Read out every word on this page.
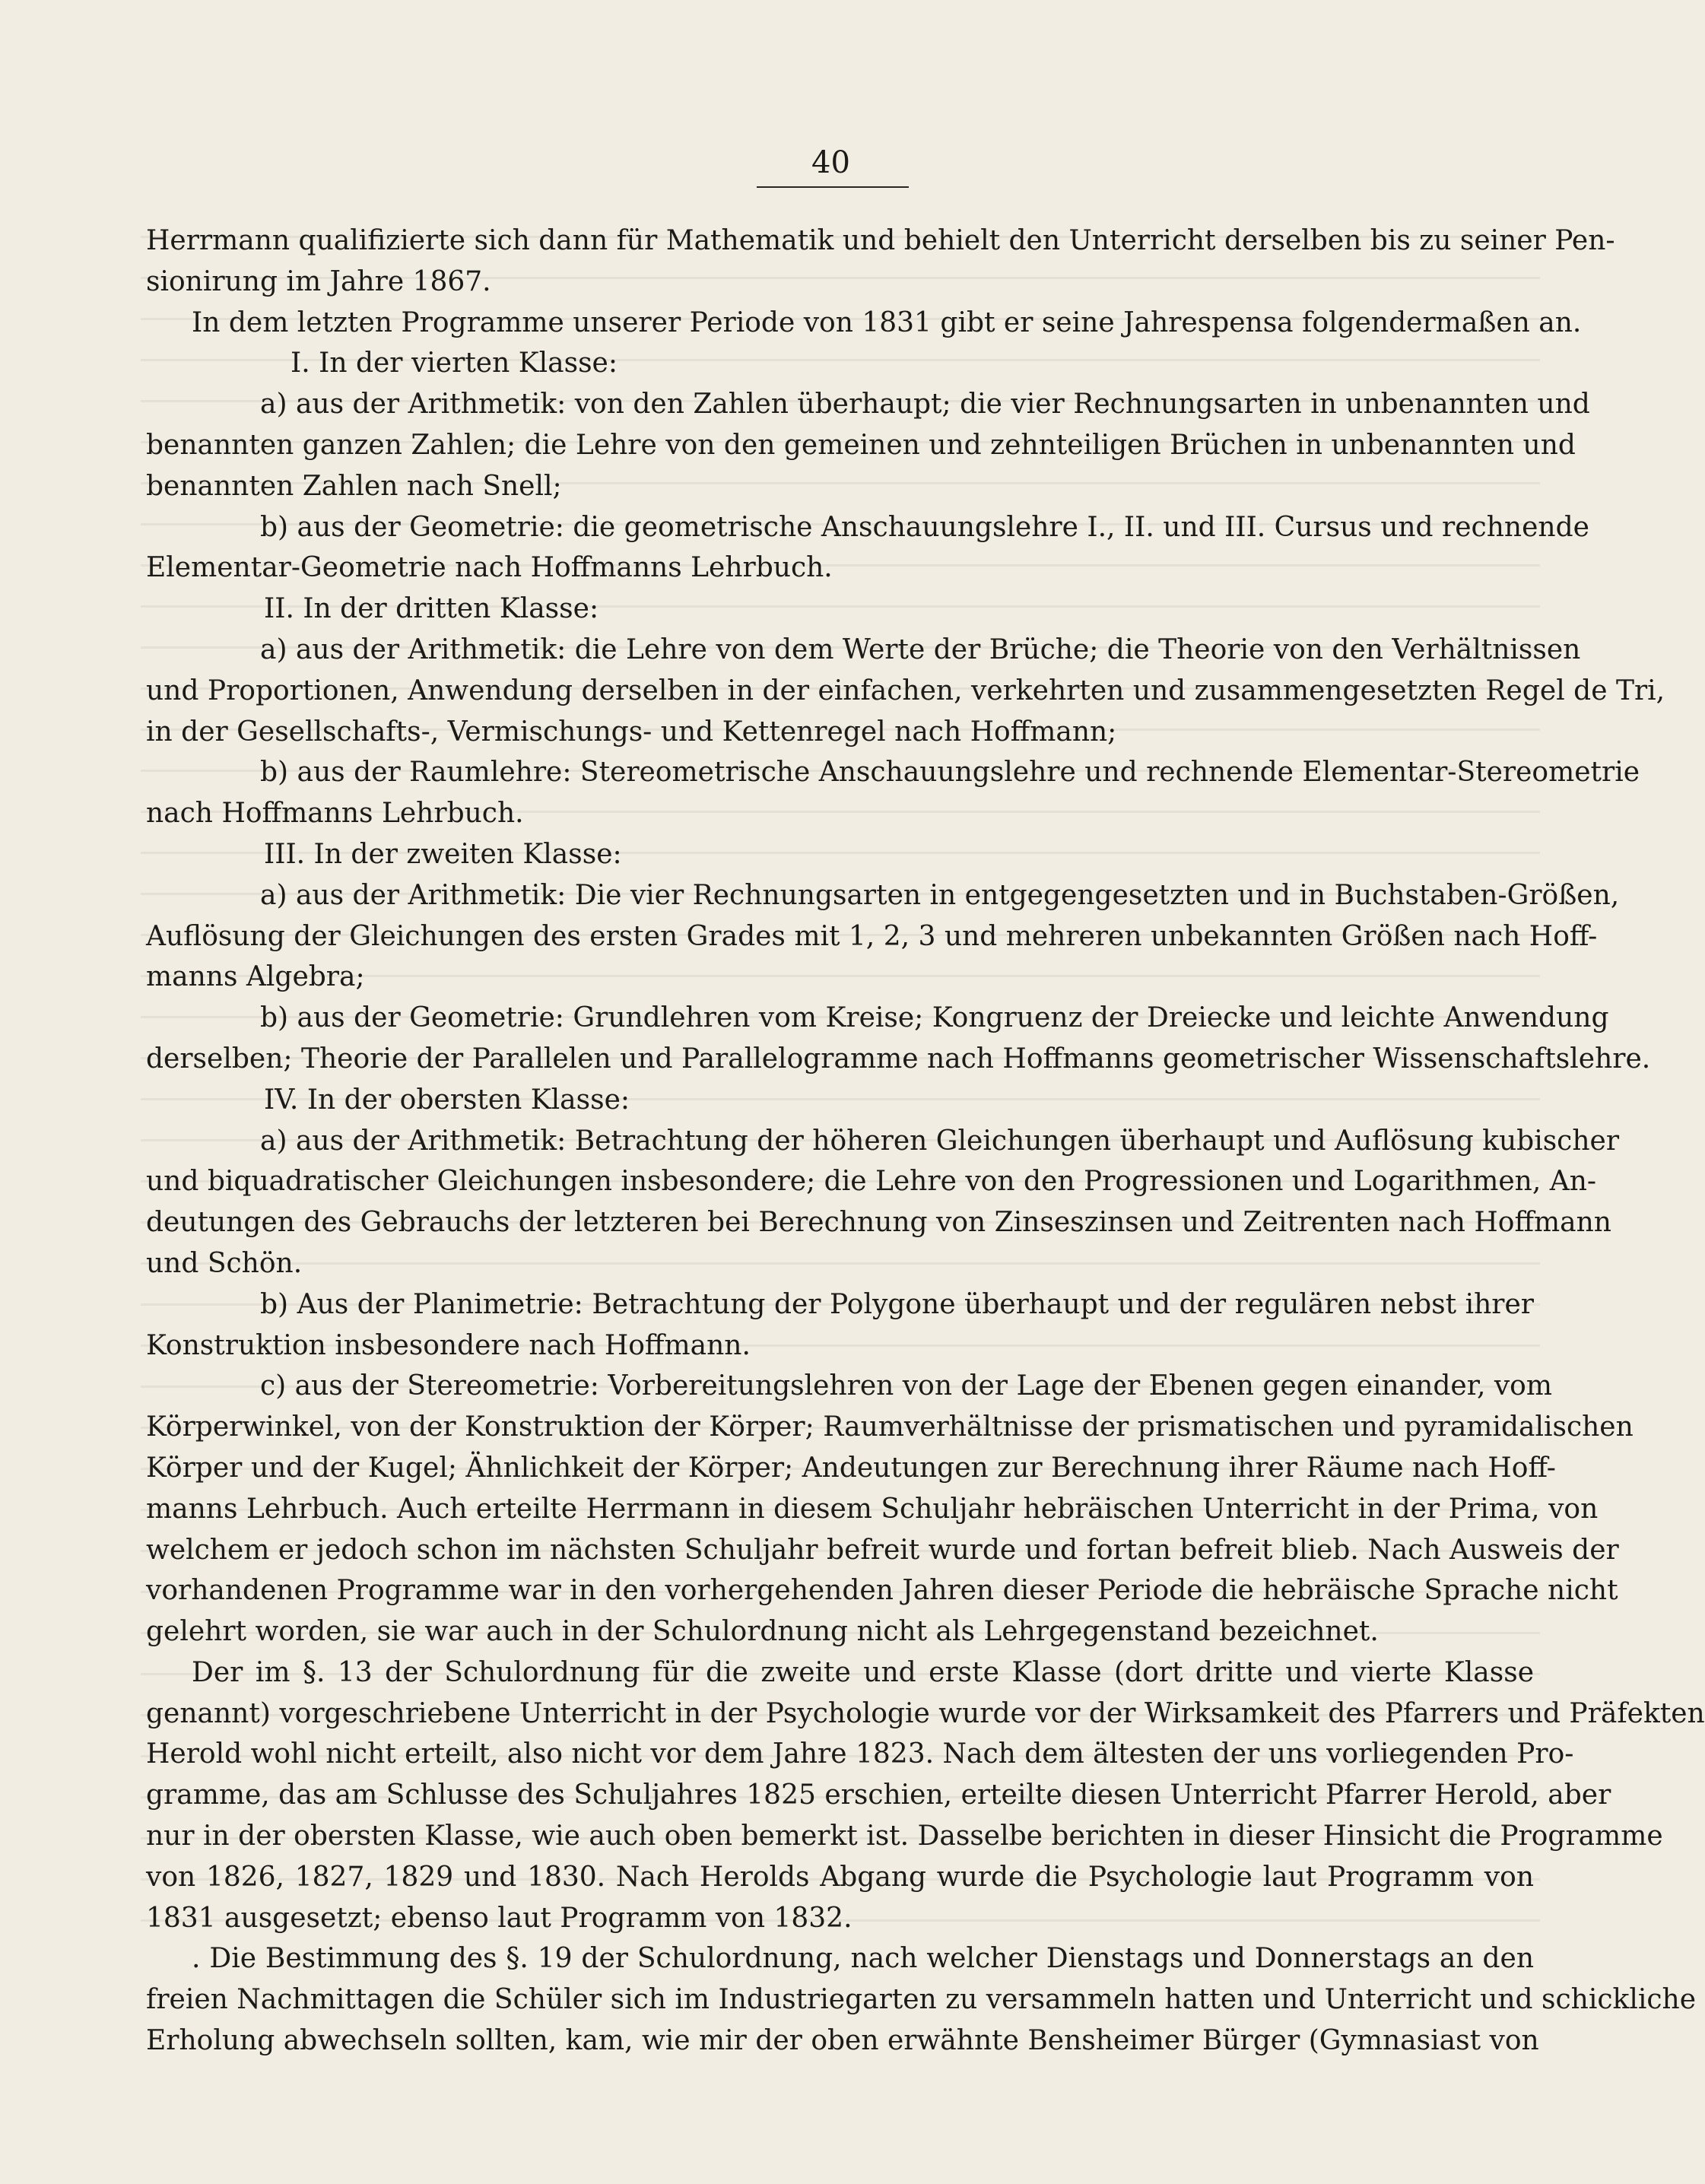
40
Herrmann qualifizierte sich dann für Mathematik und behielt den Unterricht derselben bis zu seiner Pen-
sionirung im Jahre 1867.
In dem letzten Programme unserer Periode von 1831 gibt er seine Jahrespensa folgendermaßen an.
I. In der vierten Klasse:
a) aus der Arithmetik: von den Zahlen überhaupt; die vier Rechnungsarten in unbenannten und
benannten ganzen Zahlen; die Lehre von den gemeinen und zehnteiligen Brüchen in unbenannten und
benannten Zahlen nach Snell;
b) aus der Geometrie: die geometrische Anschauungslehre I., II. und III. Cursus und rechnende
Elementar-Geometrie nach Hoffmanns Lehrbuch.
II. In der dritten Klasse:
a) aus der Arithmetik: die Lehre von dem Werte der Brüche; die Theorie von den Verhältnissen
und Proportionen, Anwendung derselben in der einfachen, verkehrten und zusammengesetzten Regel de Tri,
in der Gesellschafts-, Vermischungs- und Kettenregel nach Hoffmann;
b) aus der Raumlehre: Stereometrische Anschauungslehre und rechnende Elementar-Stereometrie
nach Hoffmanns Lehrbuch.
III. In der zweiten Klasse:
a) aus der Arithmetik: Die vier Rechnungsarten in entgegengesetzten und in Buchstaben-Größen,
Auflösung der Gleichungen des ersten Grades mit 1, 2, 3 und mehreren unbekannten Größen nach Hoff-
manns Algebra;
b) aus der Geometrie: Grundlehren vom Kreise; Kongruenz der Dreiecke und leichte Anwendung
derselben; Theorie der Parallelen und Parallelogramme nach Hoffmanns geometrischer Wissenschaftslehre.
IV. In der obersten Klasse:
a) aus der Arithmetik: Betrachtung der höheren Gleichungen überhaupt und Auflösung kubischer
und biquadratischer Gleichungen insbesondere; die Lehre von den Progressionen und Logarithmen, An-
deutungen des Gebrauchs der letzteren bei Berechnung von Zinseszinsen und Zeitrenten nach Hoffmann
und Schön.
b) Aus der Planimetrie: Betrachtung der Polygone überhaupt und der regulären nebst ihrer
Konstruktion insbesondere nach Hoffmann.
c) aus der Stereometrie: Vorbereitungslehren von der Lage der Ebenen gegen einander, vom
Körperwinkel, von der Konstruktion der Körper; Raumverhältnisse der prismatischen und pyramidalischen
Körper und der Kugel; Ähnlichkeit der Körper; Andeutungen zur Berechnung ihrer Räume nach Hoff-
manns Lehrbuch. Auch erteilte Herrmann in diesem Schuljahr hebräischen Unterricht in der Prima, von
welchem er jedoch schon im nächsten Schuljahr befreit wurde und fortan befreit blieb. Nach Ausweis der
vorhandenen Programme war in den vorhergehenden Jahren dieser Periode die hebräische Sprache nicht
gelehrt worden, sie war auch in der Schulordnung nicht als Lehrgegenstand bezeichnet.
Der im §. 13 der Schulordnung für die zweite und erste Klasse (dort dritte und vierte Klasse
genannt) vorgeschriebene Unterricht in der Psychologie wurde vor der Wirksamkeit des Pfarrers und Präfekten
Herold wohl nicht erteilt, also nicht vor dem Jahre 1823. Nach dem ältesten der uns vorliegenden Pro-
gramme, das am Schlusse des Schuljahres 1825 erschien, erteilte diesen Unterricht Pfarrer Herold, aber
nur in der obersten Klasse, wie auch oben bemerkt ist. Dasselbe berichten in dieser Hinsicht die Programme
von 1826, 1827, 1829 und 1830. Nach Herolds Abgang wurde die Psychologie laut Programm von
1831 ausgesetzt; ebenso laut Programm von 1832.
. Die Bestimmung des §. 19 der Schulordnung, nach welcher Dienstags und Donnerstags an den
freien Nachmittagen die Schüler sich im Industriegarten zu versammeln hatten und Unterricht und schickliche
Erholung abwechseln sollten, kam, wie mir der oben erwähnte Bensheimer Bürger (Gymnasiast von
